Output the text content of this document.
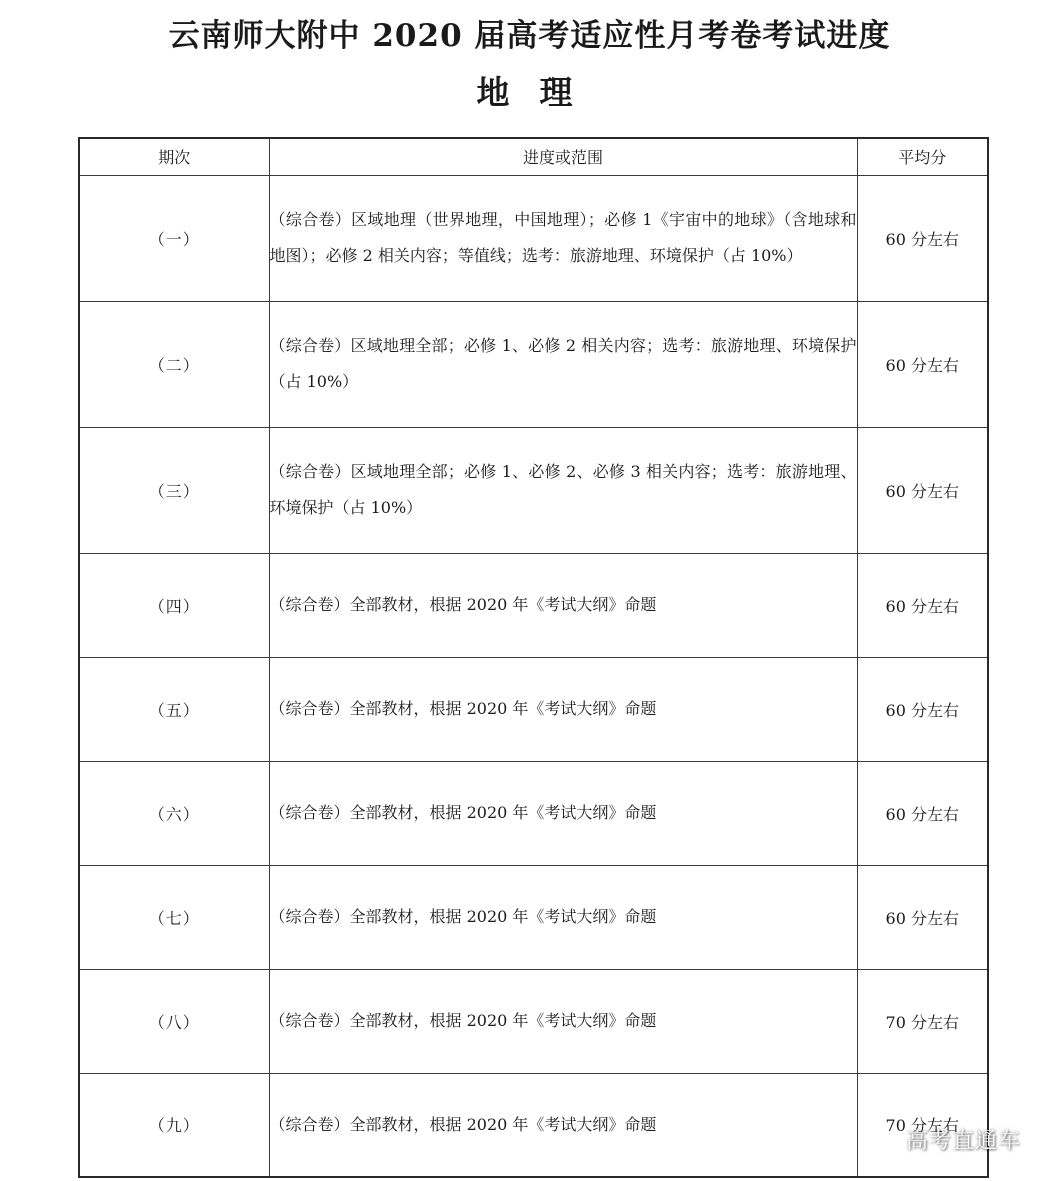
云南师大附中 2020 届高考适应性月考卷考试进度
地理
期次	进度或范围	平均分
（一）	（综合卷）区域地理（世界地理，中国地理）；必修 1《宇宙中的地球》（含地球和地图）；必修 2 相关内容；等值线；选考：旅游地理、环境保护（占 10%）	60 分左右
（二）	（综合卷）区域地理全部；必修 1、必修 2 相关内容；选考：旅游地理、环境保护（占 10%）	60 分左右
（三）	（综合卷）区域地理全部；必修 1、必修 2、必修 3 相关内容；选考：旅游地理、环境保护（占 10%）	60 分左右
（四）	（综合卷）全部教材，根据 2020 年《考试大纲》命题	60 分左右
（五）	（综合卷）全部教材，根据 2020 年《考试大纲》命题	60 分左右
（六）	（综合卷）全部教材，根据 2020 年《考试大纲》命题	60 分左右
（七）	（综合卷）全部教材，根据 2020 年《考试大纲》命题	60 分左右
（八）	（综合卷）全部教材，根据 2020 年《考试大纲》命题	70 分左右
（九）	（综合卷）全部教材，根据 2020 年《考试大纲》命题	70 分左右
高考直通车
